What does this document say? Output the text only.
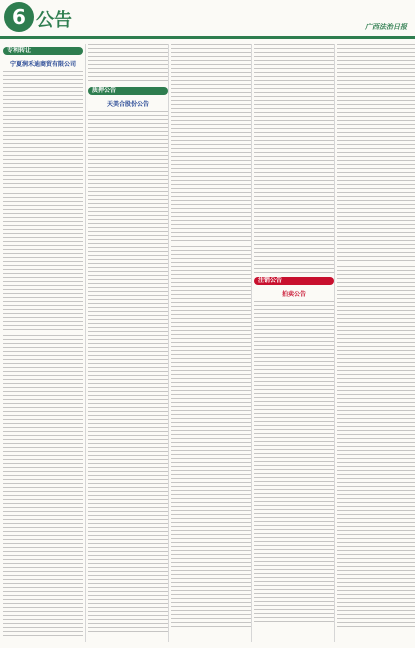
6 公告	广西法治日报
专利转让
宁夏润禾迪商贸有限公司
质押公告
天美合股份公告
注销公告
拍卖公告
